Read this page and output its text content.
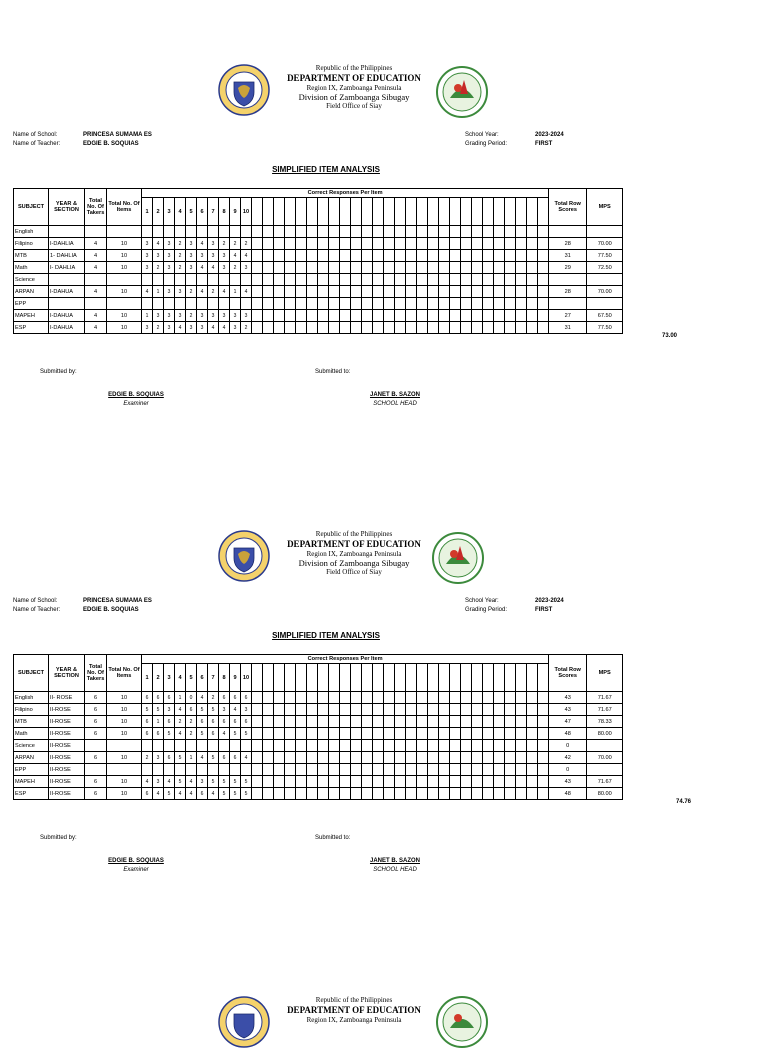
Republic of the Philippines
DEPARTMENT OF EDUCATION
Region IX, Zamboanga Peninsula
Division of Zamboanga Sibugay
Field Office of Siay
Name of School:	PRINCESA SUMAMA ES
Name of Teacher:	EDGIE B. SOQUIAS
School Year:	2023-2024
Grading Period:	FIRST
SIMPLIFIED ITEM ANALYSIS
SUBJECT	YEAR & SECTION	Total No. Of Takers	Total No. Of Items	Correct Responses Per Item																																					Total Row Scores	MPS
				1	2	3	4	5	6	7	8	9	10																													
English																																										
Filipino	I-DAHLIA	4	10	3	4	3	2	3	4	3	2	2	2																												28	70.00
MTB	1- DAHLIA	4	10	3	3	3	2	3	3	3	3	4	4																												31	77.50
Math	I- DAHLIA	4	10	3	2	3	2	3	4	4	3	2	3																												29	72.50
Science																																										
ARPAN	I-DAHUA	4	10	4	1	3	3	2	4	2	4	1	4																												28	70.00
EPP																																										
MAPEH	I-DAHUA	4	10	1	3	3	3	2	3	3	3	3	3																												27	67.50
ESP	I-DAHUA	4	10	3	2	3	4	3	3	4	4	3	2																												31	77.50
73.00
Submitted by:	Submitted to:
EDGIE B. SOQUIAS
Examiner
JANET B. SAZON
SCHOOL HEAD
Republic of the Philippines
DEPARTMENT OF EDUCATION
Region IX, Zamboanga Peninsula
Division of Zamboanga Sibugay
Field Office of Siay
Name of School:	PRINCESA SUMAMA ES
Name of Teacher:	EDGIE B. SOQUIAS
School Year:	2023-2024
Grading Period:	FIRST
SIMPLIFIED ITEM ANALYSIS
SUBJECT	YEAR & SECTION	Total No. Of Takers	Total No. Of Items	Correct Responses Per Item																																					Total Row Scores	MPS
				1	2	3	4	5	6	7	8	9	10																													
English	II- ROSE	6	10	6	6	6	1	0	4	2	6	6	6																												43	71.67
Filipino	II-ROSE	6	10	5	5	3	4	6	5	5	3	4	3																												43	71.67
MTB	II-ROSE	6	10	6	1	6	2	2	6	6	6	6	6																												47	78.33
Math	II-ROSE	6	10	6	6	5	4	2	5	6	4	5	5																												48	80.00
Science	II-ROSE																																								0	
ARPAN	II-ROSE	6	10	2	3	6	5	1	4	5	6	6	4																												42	70.00
EPP	II-ROSE																																								0	
MAPEH	II-ROSE	6	10	4	3	4	5	4	3	5	5	5	5																												43	71.67
ESP	II-ROSE	6	10	6	4	5	4	4	6	4	5	5	5																												48	80.00
74.76
Submitted by:	Submitted to:
EDGIE B. SOQUIAS
Examiner
JANET B. SAZON
SCHOOL HEAD
Republic of the Philippines
DEPARTMENT OF EDUCATION
Region IX, Zamboanga Peninsula
